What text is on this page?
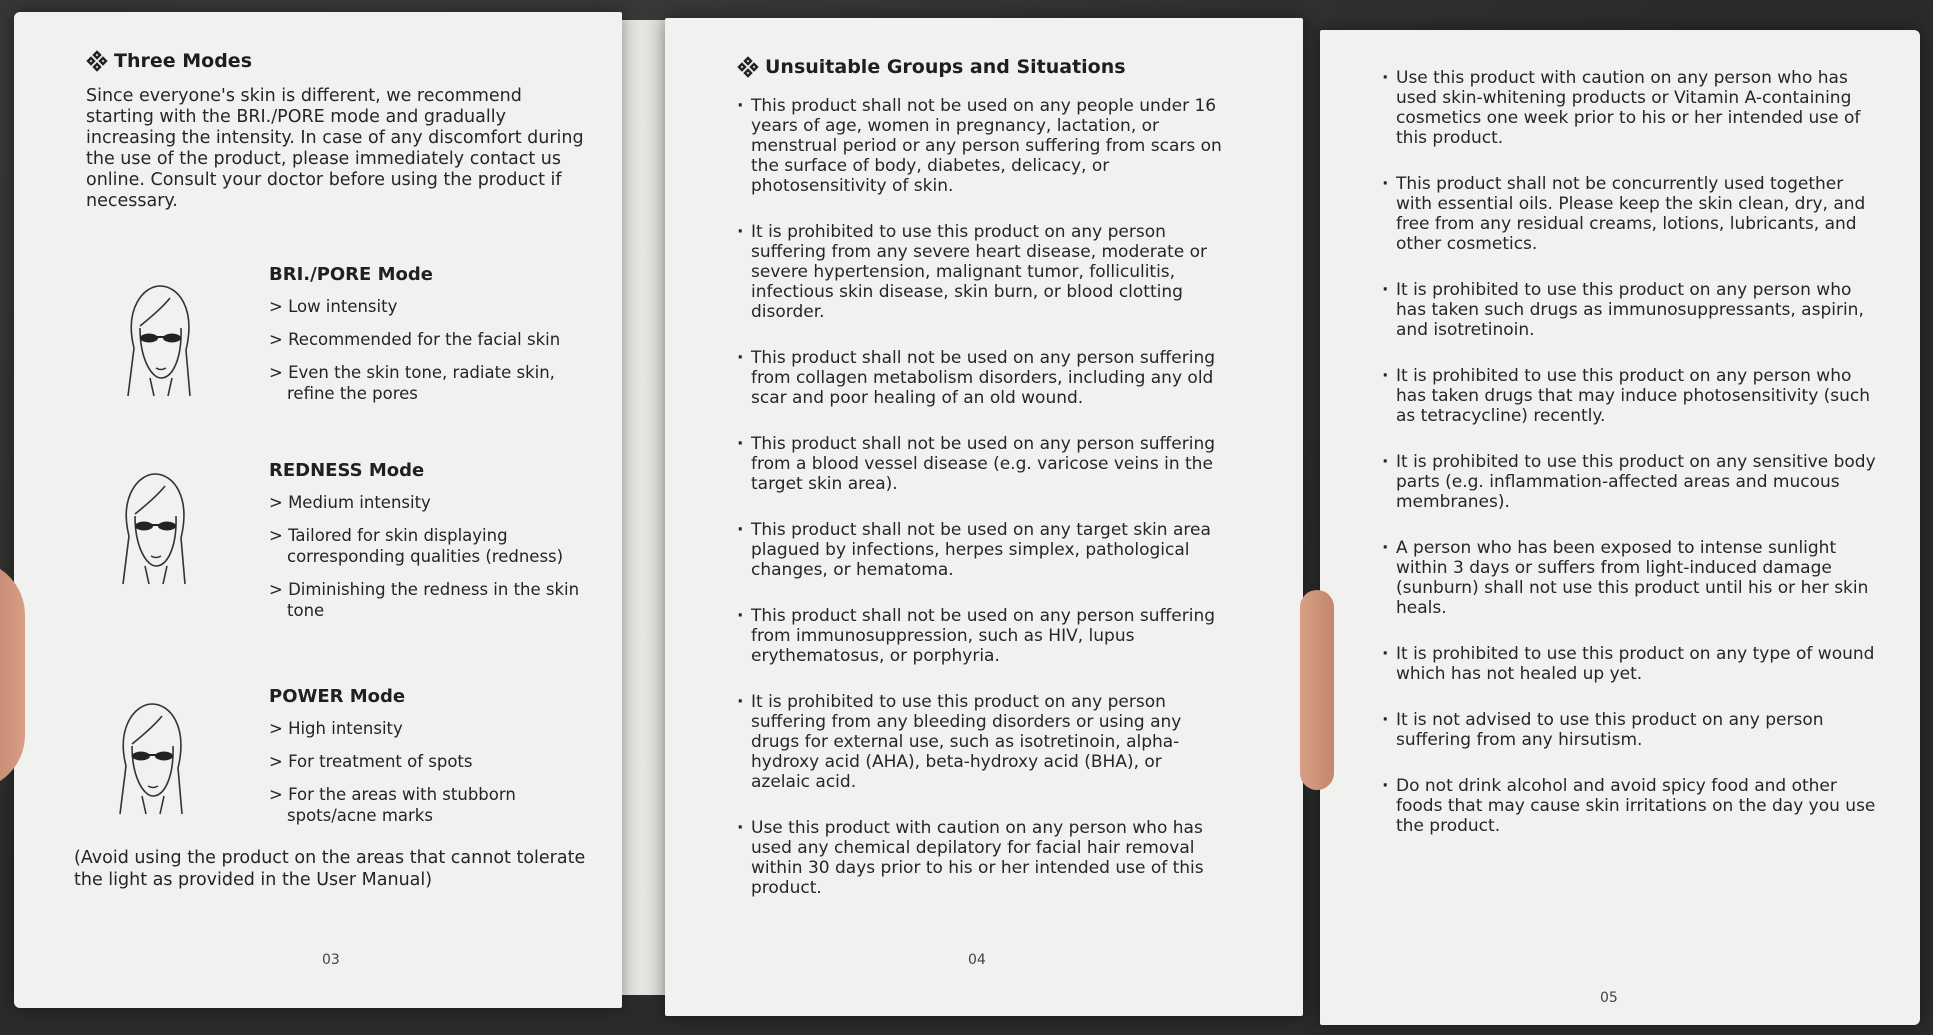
Three Modes
Since everyone's skin is different, we recommend starting with the BRI./PORE mode and gradually increasing the intensity. In case of any discomfort during the use of the product, please immediately contact us online. Consult your doctor before using the product if necessary.
BRI./PORE Mode
> Low intensity
> Recommended for the facial skin
> Even the skin tone, radiate skin, refine the pores
REDNESS Mode
> Medium intensity
> Tailored for skin displaying corresponding qualities (redness)
> Diminishing the redness in the skin tone
POWER Mode
> High intensity
> For treatment of spots
> For the areas with stubborn spots/acne marks
(Avoid using the product on the areas that cannot tolerate the light as provided in the User Manual)
03
Unsuitable Groups and Situations
· This product shall not be used on any people under 16 years of age, women in pregnancy, lactation, or menstrual period or any person suffering from scars on the surface of body, diabetes, delicacy, or photosensitivity of skin.
· It is prohibited to use this product on any person suffering from any severe heart disease, moderate or severe hypertension, malignant tumor, folliculitis, infectious skin disease, skin burn, or blood clotting disorder.
· This product shall not be used on any person suffering from collagen metabolism disorders, including any old scar and poor healing of an old wound.
· This product shall not be used on any person suffering from a blood vessel disease (e.g. varicose veins in the target skin area).
· This product shall not be used on any target skin area plagued by infections, herpes simplex, pathological changes, or hematoma.
· This product shall not be used on any person suffering from immunosuppression, such as HIV, lupus erythematosus, or porphyria.
· It is prohibited to use this product on any person suffering from any bleeding disorders or using any drugs for external use, such as isotretinoin, alpha-hydroxy acid (AHA), beta-hydroxy acid (BHA), or azelaic acid.
· Use this product with caution on any person who has used any chemical depilatory for facial hair removal within 30 days prior to his or her intended use of this product.
04
· Use this product with caution on any person who has used skin-whitening products or Vitamin A-containing cosmetics one week prior to his or her intended use of this product.
· This product shall not be concurrently used together with essential oils. Please keep the skin clean, dry, and free from any residual creams, lotions, lubricants, and other cosmetics.
· It is prohibited to use this product on any person who has taken such drugs as immunosuppressants, aspirin, and isotretinoin.
· It is prohibited to use this product on any person who has taken drugs that may induce photosensitivity (such as tetracycline) recently.
· It is prohibited to use this product on any sensitive body parts (e.g. inflammation-affected areas and mucous membranes).
· A person who has been exposed to intense sunlight within 3 days or suffers from light-induced damage (sunburn) shall not use this product until his or her skin heals.
· It is prohibited to use this product on any type of wound which has not healed up yet.
· It is not advised to use this product on any person suffering from any hirsutism.
· Do not drink alcohol and avoid spicy food and other foods that may cause skin irritations on the day you use the product.
05
